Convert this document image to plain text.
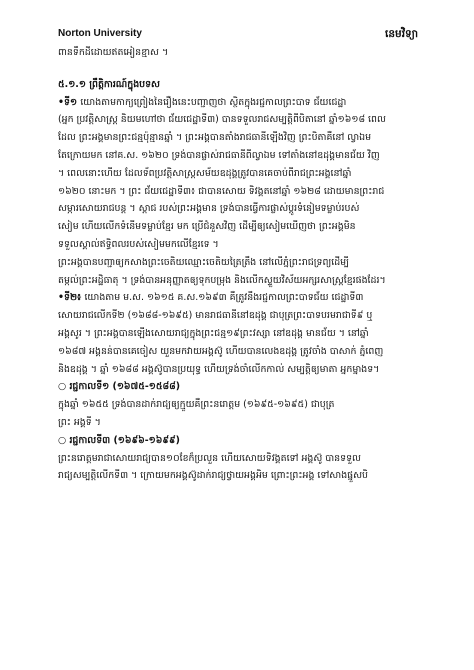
Norton University	នេមវិទ្យា

ពានទឹកដីដោយឥតអៀនខ្មាស ។

៥.១.១ ព្រឹត្តិការណ៍ក្នុងបទស

•ទី១ យោងតាមកាក្យព្រៀងនៃរឿងនេះបញ្ជាញថា ស្ថិតក្នុងរជ្ជកាលព្រះបាទ ជ័យជេដ្ឋា

(អ្នក ប្រវត្តិសាស្ត្រ និយមហៅថា ជ័យជេដ្ឋាទី៣) បានទទួលរាជសម្បត្តិពីបិតានៅ ឆ្នាំ១៦១៨ ពេល

ដែល ព្រះអង្គមានព្រះជន្មប៉ុន្មានឆ្នាំ ។ ព្រះអង្គបានតាំងរាជធានីឡើងវិញ ព្រះបិតាគឺនៅ ល្វាឯម

តែក្រោយមក នៅគ.ស. ១៦២០ ទ្រង់បានផ្លាស់រាជធានីពីល្វាឯម ទៅតាំងនៅឧដុង្គមានជ័យ វិញ

។ ពេលនោះហើយ ដែលទ័ពប្រវត្តិសាស្ត្រសម័យឧដុង្គត្រូវបានគេចាប់ពីរាជព្រះអង្គនៅឆ្នាំ

១៦២០ នោះមក ។ ព្រះ ជ័យជេដ្ឋាទី៣៖ ជាបានសោយ ទិវង្គតនៅឆ្នាំ ១៦២៨ ដោយមានព្រះរាជ

សម្ភារសោយរាជបន្ត ។ ស្ដាជ របស់ព្រះអង្គមាន ទ្រង់បានធ្វើការផ្លាស់ប្ដូរទំនៀមទម្លាប់របស់

សៀម ហើយលើកទំនើមទម្លាប់ខ្មែរ មក ប្រើជំនួសវិញ ដើម្បីឲ្យសៀមឃើញថា ព្រះអង្គមិន

ទទួលស្គាល់ឥទ្ធិពលរបស់សៀមមកលើខ្មែរទេ ។

ព្រះអង្គបានបញ្ជាឲ្យកសាងព្រះចេតិយឈ្មោះចេតិយត្រៃត្រឹង នៅលើភ្នំព្រះរាជទ្រព្យដើម្បី

តម្កល់ព្រះអដ្ឋិធាតុ ។ ទ្រង់បានអនុញ្ញាតឲ្យទុកបម្រុង និងលើកស្ទួយវិស័យអក្សរសាស្ត្រខ្មែរផងដែរ។

•ទី២៖ យោងតាម ម.ស. ១៦១៥ គ.ស.១៦៩៣ គឺត្រូវនឹងរជ្ជកាលព្រះបាទជ័យ ជេដ្ឋាទី៣

សោយរាជលើកទី២ (១៦៨៨-១៦៩៥) មានរាជធានីនៅឧដុង្គ ជាបុត្រព្រះបាទបរមរាជាទី៩ ឬ

អង្គសូរ ។ ព្រះអង្គបានឡើងសោយរាជ្យក្នុងព្រះជន្ម១៩ព្រះវស្សា នៅឧដុង្គ មានជ័យ ។ នៅឆ្នាំ

១៦៨៧ អង្គនន់បានគេចៀស យួនមកវាយអង្គស៊ូ ហើយបានលេងឧដុង្គ ត្រូវចាំង បាសាក់ ភ្នំពេញ

និងឧដុង្គ ។ ឆ្នាំ ១៦៨៨ អង្គស៊ូបានប្រយុទ្ធ ហើយទ្រង់ចាំលើកកាល់ សម្បត្តិឲ្យមាតា អ្នកម្នាងទ។

○ រជ្ជកាលទី១ (១៦៧៥-១៥៨៨)

ក្នុងឆ្នាំ ១៦៥៥ ទ្រង់បានដាក់រាជ្យឲ្យក្មួយគឺព្រះនរោត្តម (១៦៩៥-១៦៩៥) ជាបុត្រ

ព្រះ អង្គទី ។

○ រជ្ជកាលទី៣ (១៦៩៦-១៦៩៩)

ព្រះនរោត្តមរាជាសោយរាជ្យបាន១០ខែក៏ប្រលួន ហើយសោយទិវង្គតទៅ អង្គស៊ូ បានទទួល

រាជ្យសម្បត្តិលើកទី៣ ។ ក្រោយមកអង្គស៊ូដាក់រាជ្យថ្វាយអង្គអិម ព្រោះព្រះអង្គ ទៅសាងផ្នួសបិ
